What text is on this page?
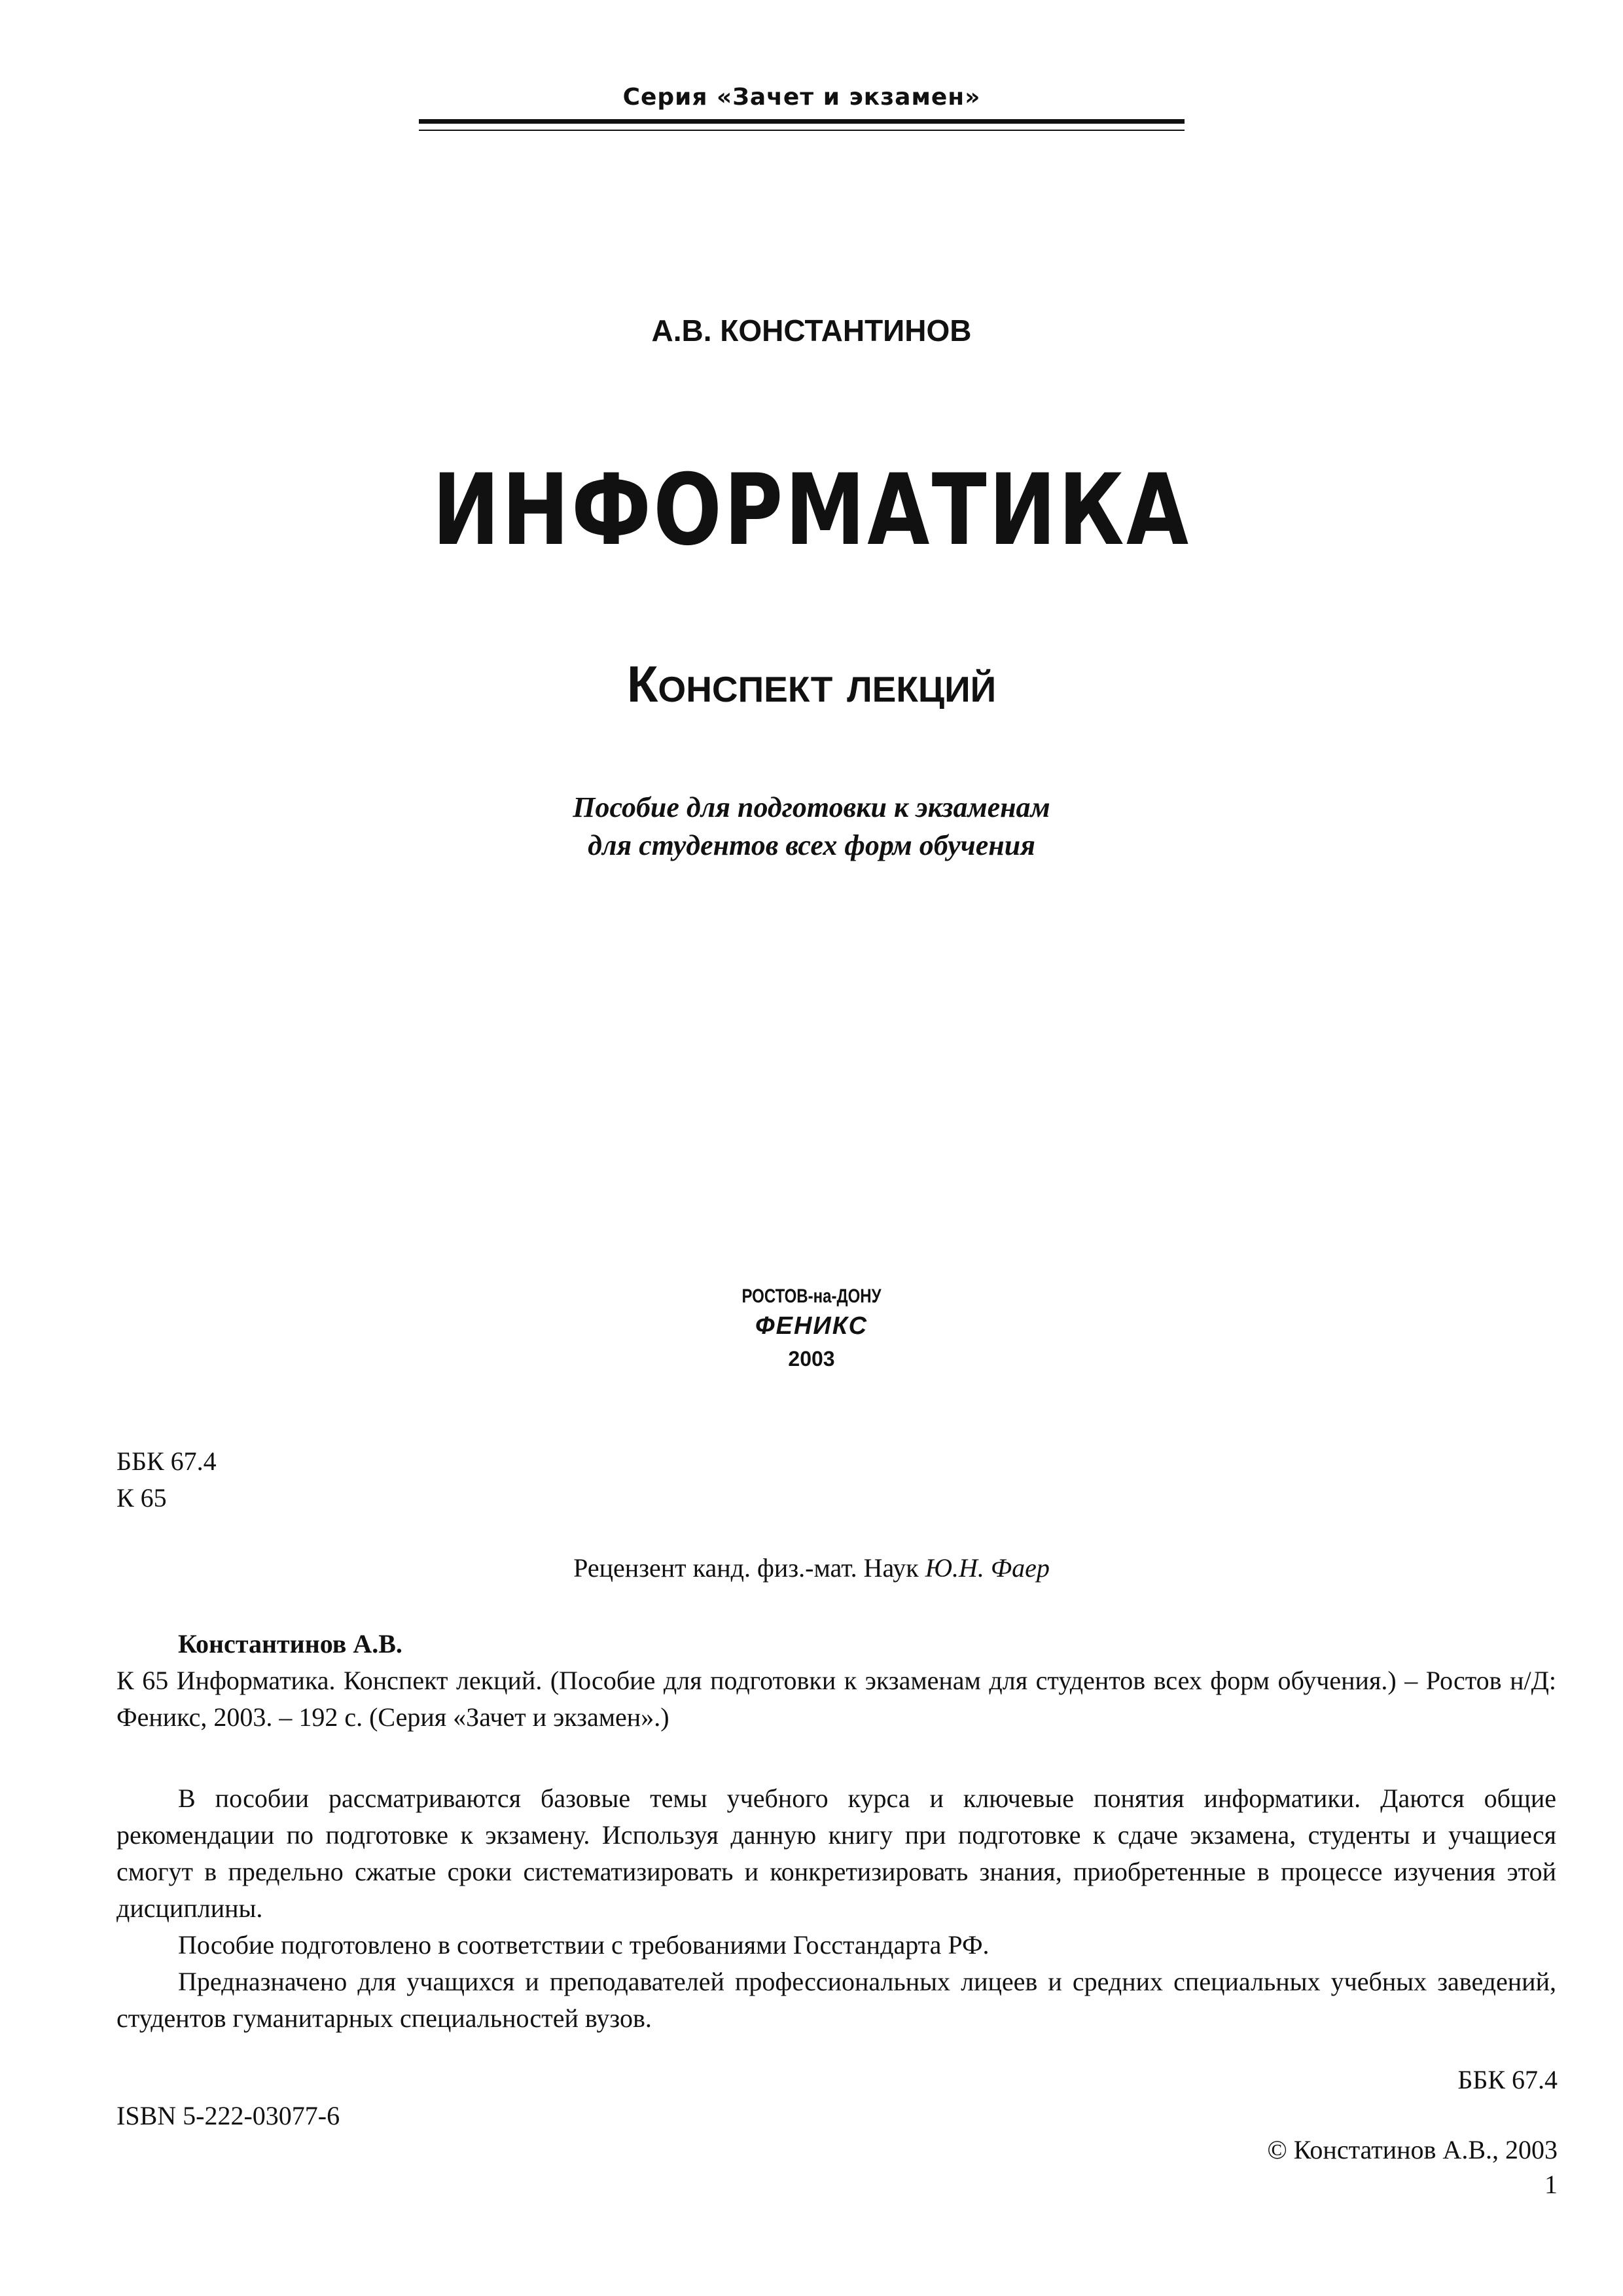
Серия «Зачет и экзамен»
А.В. КОНСТАНТИНОВ
ИНФОРМАТИКА
Конспект лекций
Пособие для подготовки к экзаменам
для студентов всех форм обучения
РОСТОВ-на-ДОНУ
ФЕНИКС
2003
ББК 67.4
К 65
Рецензент канд. физ.-мат. Наук Ю.Н. Фаер
Константинов А.В.

К 65 Информатика. Конспект лекций. (Пособие для подготовки к экзаменам для студентов всех форм обучения.) – Ростов н/Д: Феникс, 2003. – 192 с. (Серия «Зачет и экзамен».)

В пособии рассматриваются базовые темы учебного курса и ключевые понятия информатики. Даются общие рекомендации по подготовке к экзамену. Используя данную книгу при подготовке к сдаче экзамена, студенты и учащиеся смогут в предельно сжатые сроки систематизировать и конкретизировать знания, приобретенные в процессе изучения этой дисциплины.

Пособие подготовлено в соответствии с требованиями Госстандарта РФ.

Предназначено для учащихся и преподавателей профессиональных лицеев и средних специальных учебных заведений, студентов гуманитарных специальностей вузов.

ББК 67.4
ISBN 5-222-03077-6
© Констатинов А.В., 2003
1
